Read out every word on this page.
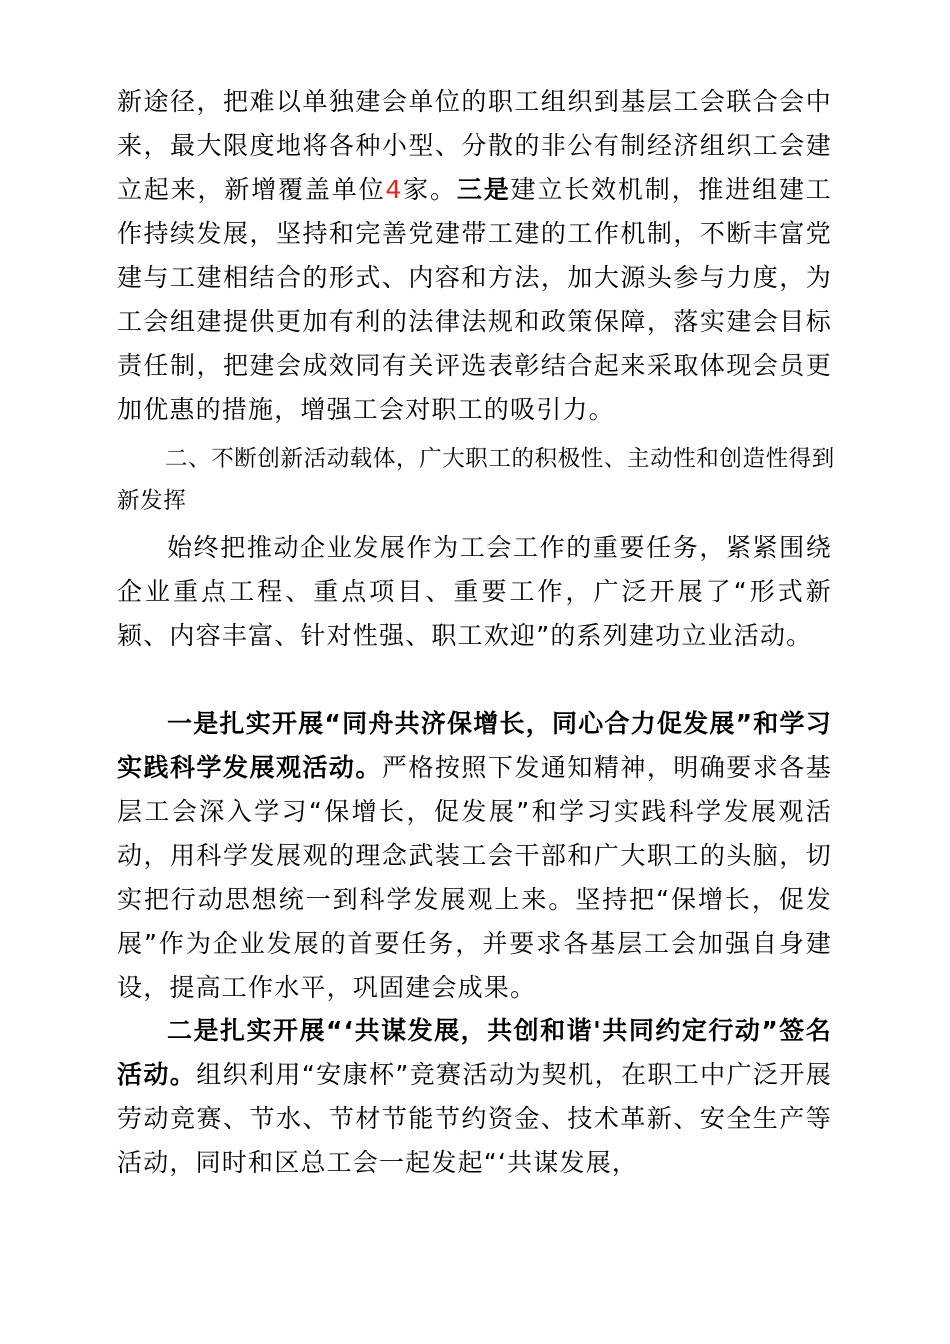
新途径，把难以单独建会单位的职工组织到基层工会联合会中来，最大限度地将各种小型、分散的非公有制经济组织工会建立起来，新增覆盖单位4家。三是建立长效机制，推进组建工作持续发展，坚持和完善党建带工建的工作机制，不断丰富党建与工建相结合的形式、内容和方法，加大源头参与力度，为工会组建提供更加有利的法律法规和政策保障，落实建会目标责任制，把建会成效同有关评选表彰结合起来采取体现会员更加优惠的措施，增强工会对职工的吸引力。

二、不断创新活动载体，广大职工的积极性、主动性和创造性得到新发挥

始终把推动企业发展作为工会工作的重要任务，紧紧围绕企业重点工程、重点项目、重要工作，广泛开展了“形式新颖、内容丰富、针对性强、职工欢迎”的系列建功立业活动。

一是扎实开展“同舟共济保增长，同心合力促发展”和学习实践科学发展观活动。严格按照下发通知精神，明确要求各基层工会深入学习“保增长，促发展”和学习实践科学发展观活动，用科学发展观的理念武装工会干部和广大职工的头脑，切实把行动思想统一到科学发展观上来。坚持把“保增长，促发展”作为企业发展的首要任务，并要求各基层工会加强自身建设，提高工作水平，巩固建会成果。

二是扎实开展“‘共谋发展，共创和谐'共同约定行动”签名活动。组织利用“安康杯”竞赛活动为契机，在职工中广泛开展劳动竞赛、节水、节材节能节约资金、技术革新、安全生产等活动，同时和区总工会一起发起“‘共谋发展，
